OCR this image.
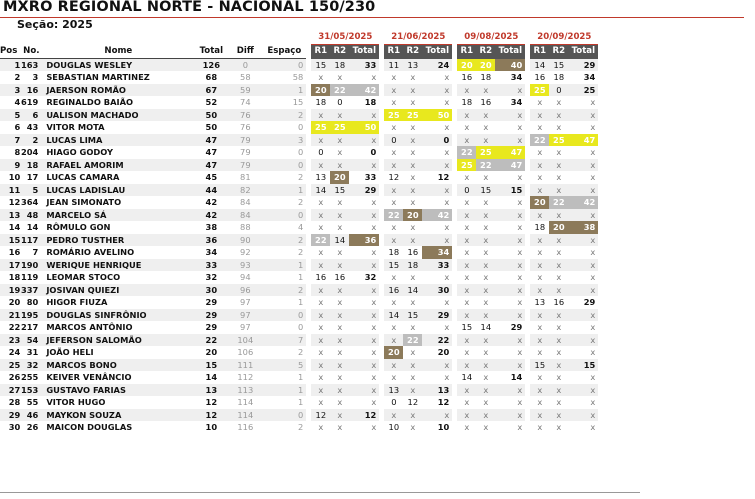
MXRO REGIONAL NORTE - NACIONAL 150/230
Seção: 2025
							31/05/2025				21/06/2025				09/08/2025				20/09/2025		
Pos	No.	Nome	Total	Diff	Espaço		R1	R2	Total		R1	R2	Total		R1	R2	Total		R1	R2	Total
1	163	DOUGLAS WESLEY	126	0	0		15	18	33		11	13	24		20	20	40		14	15	29
2	3	SEBASTIAN MARTINEZ	68	58	58		x	x	x		x	x	x		16	18	34		16	18	34
3	16	JAERSON ROMÃO	67	59	1		20	22	42		x	x	x		x	x	x		25	0	25
4	619	REGINALDO BAIÃO	52	74	15		18	0	18		x	x	x		18	16	34		x	x	x
5	6	UALISON MACHADO	50	76	2		x	x	x		25	25	50		x	x	x		x	x	x
6	43	VITOR MOTA	50	76	0		25	25	50		x	x	x		x	x	x		x	x	x
7	2	LUCAS LIMA	47	79	3		x	x	x		0	x	0		x	x	x		22	25	47
8	204	HIAGO GODOY	47	79	0		0	x	0		x	x	x		22	25	47		x	x	x
9	18	RAFAEL AMORIM	47	79	0		x	x	x		x	x	x		25	22	47		x	x	x
10	17	LUCAS CAMARA	45	81	2		13	20	33		12	x	12		x	x	x		x	x	x
11	5	LUCAS LADISLAU	44	82	1		14	15	29		x	x	x		0	15	15		x	x	x
12	364	JEAN SIMONATO	42	84	2		x	x	x		x	x	x		x	x	x		20	22	42
13	48	MARCELO SÁ	42	84	0		x	x	x		22	20	42		x	x	x		x	x	x
14	14	RÔMULO GON	38	88	4		x	x	x		x	x	x		x	x	x		18	20	38
15	117	PEDRO TUSTHER	36	90	2		22	14	36		x	x	x		x	x	x		x	x	x
16	7	ROMÁRIO AVELINO	34	92	2		x	x	x		18	16	34		x	x	x		x	x	x
17	190	WERIQUE HENRIQUE	33	93	1		x	x	x		15	18	33		x	x	x		x	x	x
18	119	LEOMAR STOCO	32	94	1		16	16	32		x	x	x		x	x	x		x	x	x
19	337	JOSIVAN QUIEZI	30	96	2		x	x	x		16	14	30		x	x	x		x	x	x
20	80	HIGOR FIUZA	29	97	1		x	x	x		x	x	x		x	x	x		13	16	29
21	195	DOUGLAS SINFRÔNIO	29	97	0		x	x	x		14	15	29		x	x	x		x	x	x
22	217	MARCOS ANTÔNIO	29	97	0		x	x	x		x	x	x		15	14	29		x	x	x
23	54	JEFERSON SALOMÃO	22	104	7		x	x	x		x	22	22		x	x	x		x	x	x
24	31	JOÃO HELI	20	106	2		x	x	x		20	x	20		x	x	x		x	x	x
25	32	MARCOS BONO	15	111	5		x	x	x		x	x	x		x	x	x		15	x	15
26	255	KEIVER VENÂNCIO	14	112	1		x	x	x		x	x	x		14	x	14		x	x	x
27	153	GUSTAVO FARIAS	13	113	1		x	x	x		13	x	13		x	x	x		x	x	x
28	55	VITOR HUGO	12	114	1		x	x	x		0	12	12		x	x	x		x	x	x
29	46	MAYKON SOUZA	12	114	0		12	x	12		x	x	x		x	x	x		x	x	x
30	26	MAICON DOUGLAS	10	116	2		x	x	x		10	x	10		x	x	x		x	x	x
